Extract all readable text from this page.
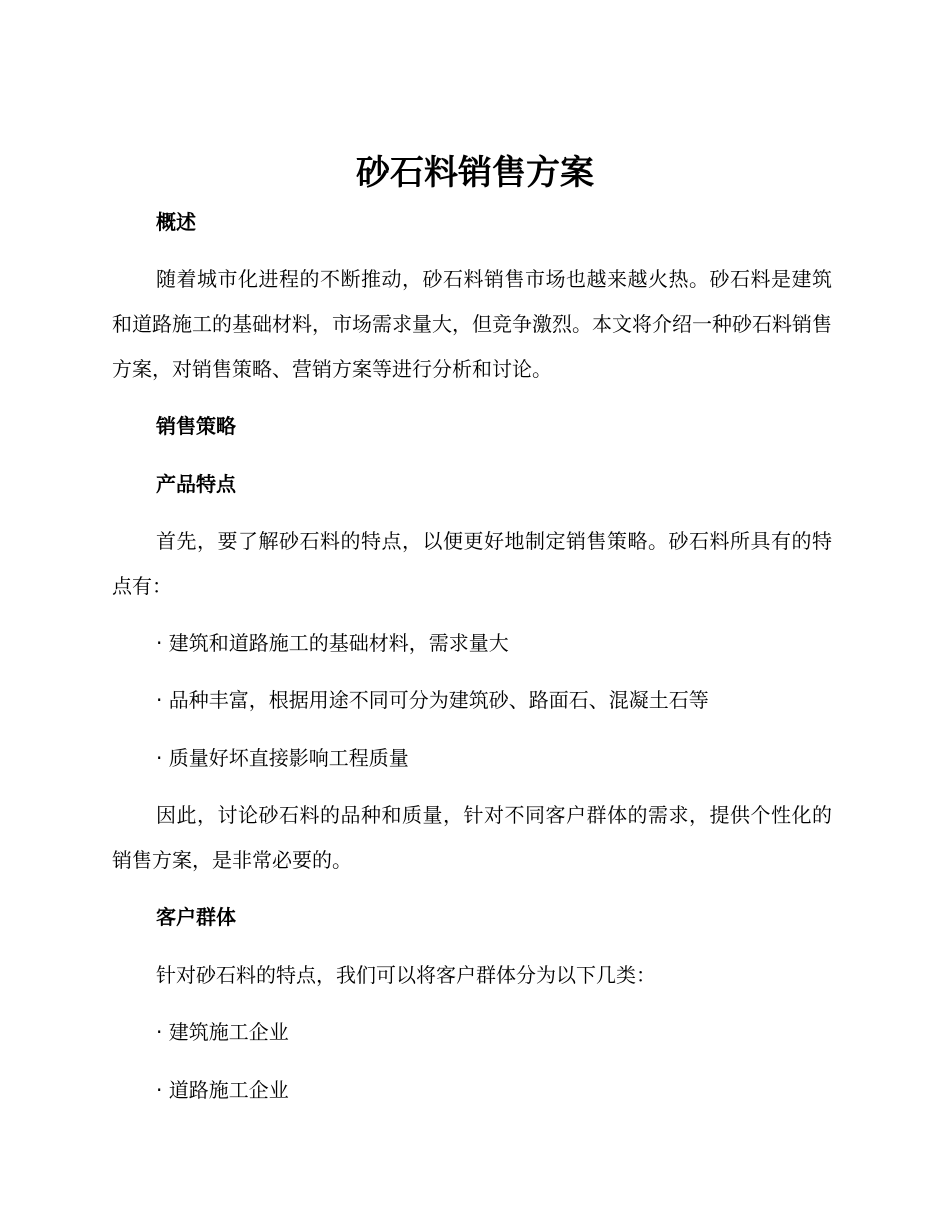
砂石料销售方案
概述

随着城市化进程的不断推动，砂石料销售市场也越来越火热。砂石料是建筑和道路施工的基础材料，市场需求量大，但竞争激烈。本文将介绍一种砂石料销售方案，对销售策略、营销方案等进行分析和讨论。

销售策略
产品特点

首先，要了解砂石料的特点，以便更好地制定销售策略。砂石料所具有的特点有：

· 建筑和道路施工的基础材料，需求量大

· 品种丰富，根据用途不同可分为建筑砂、路面石、混凝土石等

· 质量好坏直接影响工程质量

因此，讨论砂石料的品种和质量，针对不同客户群体的需求，提供个性化的销售方案，是非常必要的。

客户群体

针对砂石料的特点，我们可以将客户群体分为以下几类：

· 建筑施工企业

· 道路施工企业
